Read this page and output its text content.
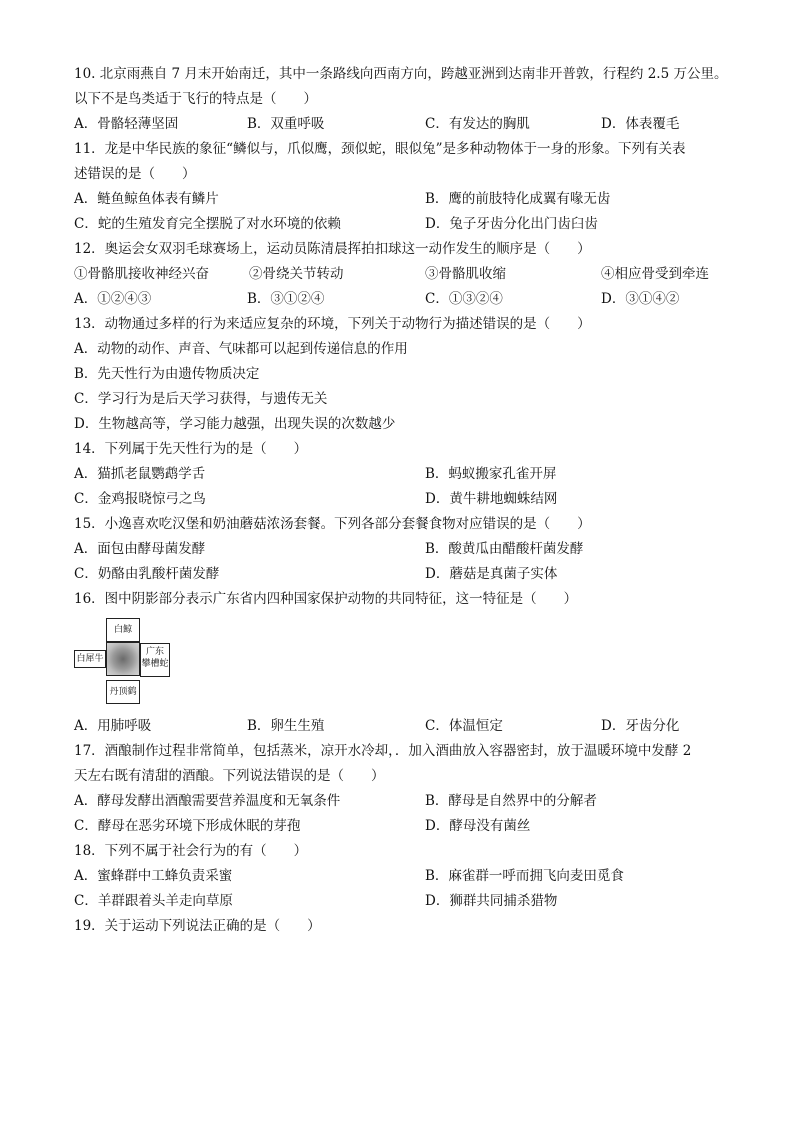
10. 北京雨燕自 7 月末开始南迁，其中一条路线向西南方向，跨越亚洲到达南非开普敦，行程约 2.5 万公里。
以下不是鸟类适于飞行的特点是（　　）
A．骨骼轻薄坚固	B．双重呼吸	C．有发达的胸肌	D．体表覆毛
11．龙是中华民族的象征“鳞似与，爪似鹰，颈似蛇，眼似兔”是多种动物体于一身的形象。下列有关表
述错误的是（　　）
A．鲢鱼鲸鱼体表有鳞片	B．鹰的前肢特化成翼有喙无齿
C．蛇的生殖发育完全摆脱了对水环境的依赖	D．兔子牙齿分化出门齿臼齿
12．奥运会女双羽毛球赛场上，运动员陈清晨挥拍扣球这一动作发生的顺序是（　　）
①骨骼肌接收神经兴奋	②骨绕关节转动	③骨骼肌收缩	④相应骨受到牵连
A．①②④③	B．③①②④	C．①③②④	D．③①④②
13．动物通过多样的行为来适应复杂的环境，下列关于动物行为描述错误的是（　　）
A．动物的动作、声音、气味都可以起到传递信息的作用
B．先天性行为由遗传物质决定
C．学习行为是后天学习获得，与遗传无关
D．生物越高等，学习能力越强，出现失误的次数越少
14．下列属于先天性行为的是（　　）
A．猫抓老鼠鹦鹉学舌	B．蚂蚁搬家孔雀开屏
C．金鸡报晓惊弓之鸟	D．黄牛耕地蜘蛛结网
15．小逸喜欢吃汉堡和奶油蘑菇浓汤套餐。下列各部分套餐食物对应错误的是（　　）
A．面包由酵母菌发酵	B．酸黄瓜由醋酸杆菌发酵
C．奶酪由乳酸杆菌发酵	D．蘑菇是真菌子实体
16．图中阴影部分表示广东省内四种国家保护动物的共同特征，这一特征是（　　）
白鲸
白犀牛
广东
攀槽蛇
丹顶鹤
A．用肺呼吸	B．卵生生殖	C．体温恒定	D．牙齿分化
17．酒酿制作过程非常简单，包括蒸米，凉开水冷却，．加入酒曲放入容器密封，放于温暖环境中发酵 2
天左右既有清甜的酒酿。下列说法错误的是（　　）
A．酵母发酵出酒酿需要营养温度和无氧条件	B．酵母是自然界中的分解者
C．酵母在恶劣环境下形成休眠的芽孢	D．酵母没有菌丝
18．下列不属于社会行为的有（　　）
A．蜜蜂群中工蜂负责采蜜	B．麻雀群一呼而拥飞向麦田觅食
C．羊群跟着头羊走向草原	D．狮群共同捕杀猎物
19．关于运动下列说法正确的是（　　）
